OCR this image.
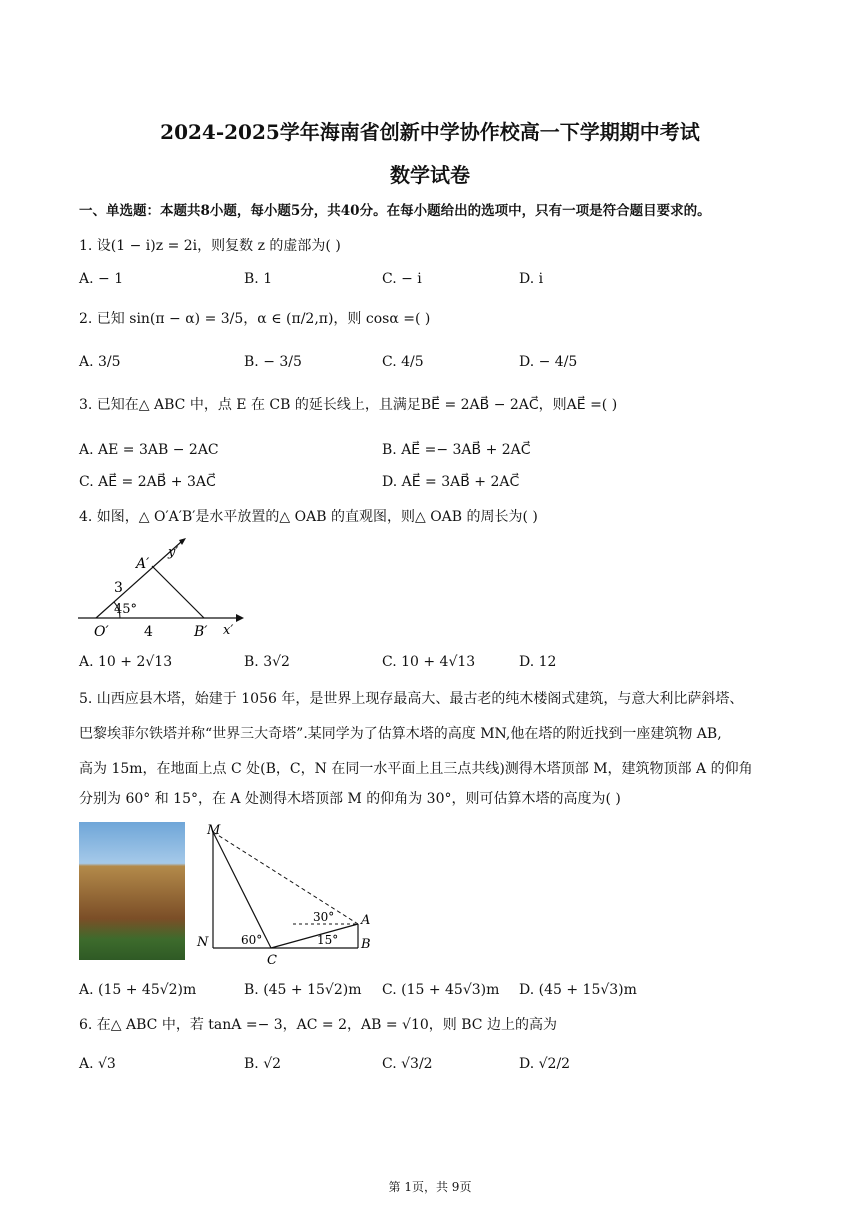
2024-2025学年海南省创新中学协作校高一下学期期中考试
数学试卷
一、单选题：本题共8小题，每小题5分，共40分。在每小题给出的选项中，只有一项是符合题目要求的。
1. 设(1 − i)z = 2i，则复数 z 的虚部为( )
A. − 1	B. 1	C. − i	D. i
2. 已知 sin(π − α) = 3/5，α ∈ (π/2,π)，则 cosα =( )
A. 3/5	B. − 3/5	C. 4/5	D. − 4/5
3. 已知在△ ABC 中，点 E 在 CB 的延长线上，且满足BE⃗ = 2AB⃗ − 2AC⃗，则AE⃗ =( )
A. AE = 3AB − 2AC	B. AE⃗ =− 3AB⃗ + 2AC⃗
C. AE⃗ = 2AB⃗ + 3AC⃗	D. AE⃗ = 3AB⃗ + 2AC⃗
4. 如图，△ O′A′B′是水平放置的△ OAB 的直观图，则△ OAB 的周长为( )
A′
y′
3
45°
O′	4	B′ x′
A. 10 + 2√13	B. 3√2	C. 10 + 4√13	D. 12
5. 山西应县木塔，始建于 1056 年，是世界上现存最高大、最古老的纯木楼阁式建筑，与意大利比萨斜塔、
巴黎埃菲尔铁塔并称“世界三大奇塔”.某同学为了估算木塔的高度 MN,他在塔的附近找到一座建筑物 AB,
高为 15m，在地面上点 C 处(B，C，N 在同一水平面上且三点共线)测得木塔顶部 M，建筑物顶部 A 的仰角
分别为 60° 和 15°，在 A 处测得木塔顶部 M 的仰角为 30°，则可估算木塔的高度为( )
M
N
C
A
B
60°	15°
30°
A. (15 + 45√2)m	B. (45 + 15√2)m C. (15 + 45√3)m D. (45 + 15√3)m
6. 在△ ABC 中，若 tanA =− 3，AC = 2，AB = √10，则 BC 边上的高为
A. √3	B. √2	C. √3/2	D. √2/2
第 1页，共 9页
